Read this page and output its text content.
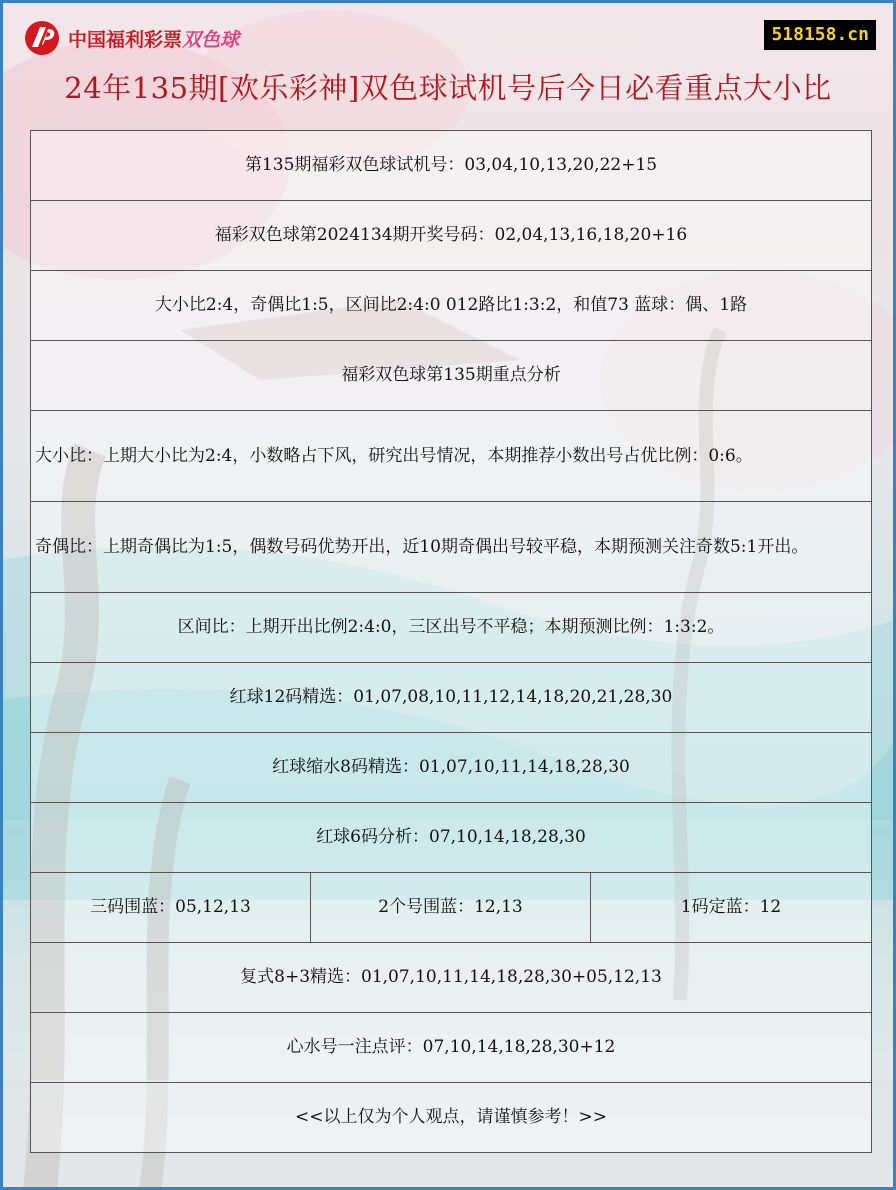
中国福利彩票双色球	518158.cn
24年135期[欢乐彩神]双色球试机号后今日必看重点大小比
第135期福彩双色球试机号：03,04,10,13,20,22+15
福彩双色球第2024134期开奖号码：02,04,13,16,18,20+16
大小比2:4，奇偶比1:5，区间比2:4:0 012路比1:3:2，和值73 蓝球：偶、1路
福彩双色球第135期重点分析
大小比：上期大小比为2:4，小数略占下风，研究出号情况，本期推荐小数出号占优比例：0:6。
奇偶比：上期奇偶比为1:5，偶数号码优势开出，近10期奇偶出号较平稳，本期预测关注奇数5:1开出。
区间比：上期开出比例2:4:0，三区出号不平稳；本期预测比例：1:3:2。
红球12码精选：01,07,08,10,11,12,14,18,20,21,28,30
红球缩水8码精选：01,07,10,11,14,18,28,30
红球6码分析：07,10,14,18,28,30
三码围蓝：05,12,13	2个号围蓝：12,13	1码定蓝：12
复式8+3精选：01,07,10,11,14,18,28,30+05,12,13
心水号一注点评：07,10,14,18,28,30+12
<<以上仅为个人观点，请谨慎参考！>>
